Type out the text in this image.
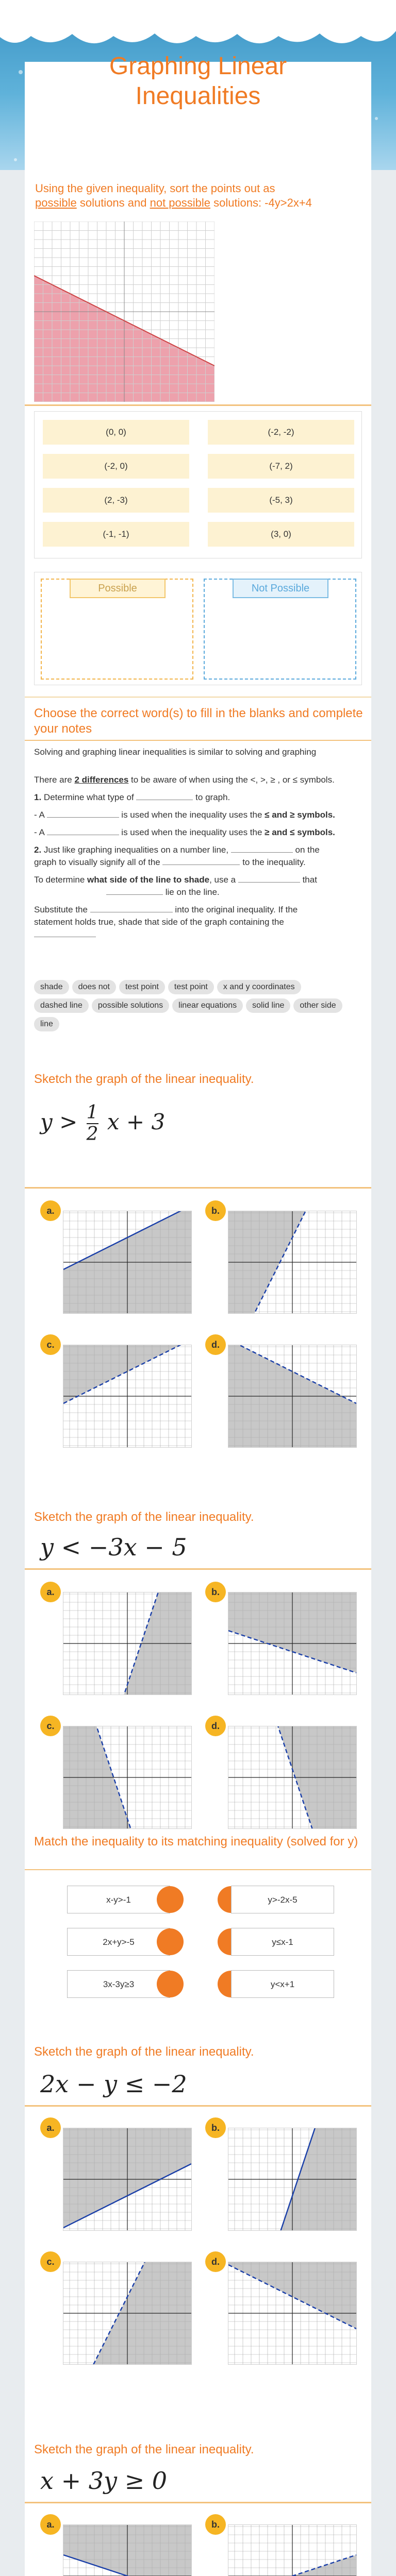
Graphing Linear
Inequalities
Using the given inequality, sort the points out as
possible solutions and not possible solutions: -4y>2x+4
(0, 0)	(-2, -2)
(-2, 0)	(-7, 2)
(2, -3)	(-5, 3)
(-1, -1)	(3, 0)
Possible	Not Possible
Choose the correct word(s) to fill in the blanks and complete your notes
Solving and graphing linear inequalities is similar to solving and graphing
There are 2 differences to be aware of when using the <, >, ≥ , or ≤ symbols.
1. Determine what type of	to graph.
- A	is used when the inequality uses the ≤ and ≥ symbols.
- A	is used when the inequality uses the ≥ and ≤ symbols.
2. Just like graphing inequalities on a number line,	on the
graph to visually signify all of the	to the inequality.
To determine what side of the line to shade, use a	that
lie on the line.
Substitute the	into the original inequality. If the
statement holds true, shade that side of the graph containing the
shade does not test point test point x and y coordinates
dashed line possible solutions linear equations solid line other side
line
Sketch the graph of the linear inequality.
$y > \frac{1}{2}$ x + 3
Sketch the graph of the linear inequality.
y < −3x − 5
Match the inequality to its matching inequality (solved for y)
x-y>-1
2x+y>-5
3x-3y≥3
y>-2x-5
y≤x-1
y<x+1
Sketch the graph of the linear inequality.
2x − y ≤ −2
Sketch the graph of the linear inequality.
x + 3y ≥ 0
a.	b.
c.	d.
a.	b.
c.	d.
a.	b.
c.	d.
a.	b.
